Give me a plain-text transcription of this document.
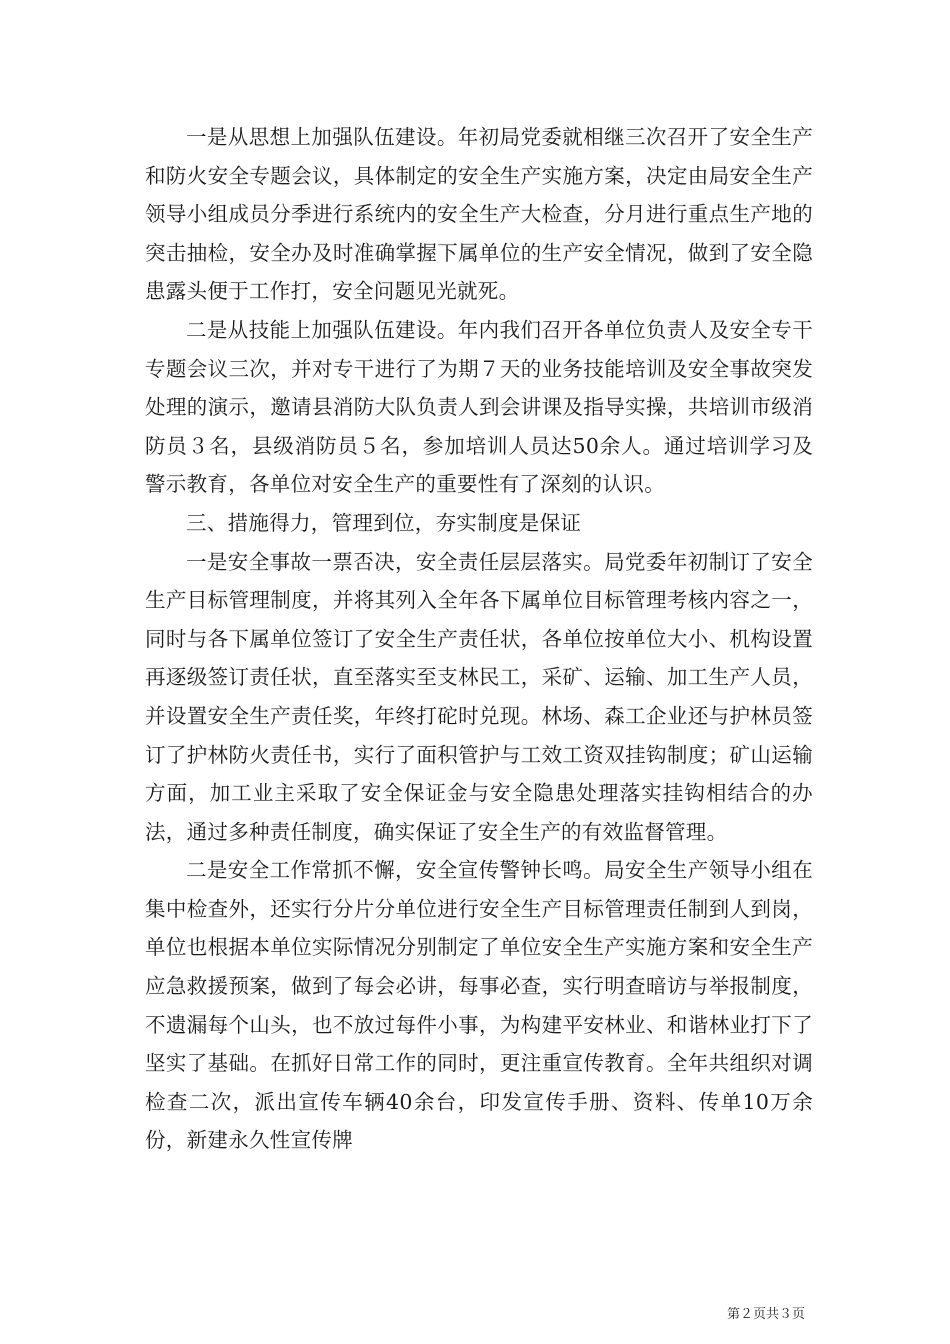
一是从思想上加强队伍建设。年初局党委就相继三次召开了安全生产和防火安全专题会议，具体制定的安全生产实施方案，决定由局安全生产领导小组成员分季进行系统内的安全生产大检查，分月进行重点生产地的突击抽检，安全办及时准确掌握下属单位的生产安全情况，做到了安全隐患露头便于工作打，安全问题见光就死。

二是从技能上加强队伍建设。年内我们召开各单位负责人及安全专干专题会议三次，并对专干进行了为期７天的业务技能培训及安全事故突发处理的演示，邀请县消防大队负责人到会讲课及指导实操，共培训市级消防员３名，县级消防员５名，参加培训人员达50余人。通过培训学习及警示教育，各单位对安全生产的重要性有了深刻的认识。

三、措施得力，管理到位，夯实制度是保证

一是安全事故一票否决，安全责任层层落实。局党委年初制订了安全生产目标管理制度，并将其列入全年各下属单位目标管理考核内容之一，同时与各下属单位签订了安全生产责任状，各单位按单位大小、机构设置再逐级签订责任状，直至落实至支林民工，采矿、运输、加工生产人员，并设置安全生产责任奖，年终打砣时兑现。林场、森工企业还与护林员签订了护林防火责任书，实行了面积管护与工效工资双挂钩制度；矿山运输方面，加工业主采取了安全保证金与安全隐患处理落实挂钩相结合的办法，通过多种责任制度，确实保证了安全生产的有效监督管理。

二是安全工作常抓不懈，安全宣传警钟长鸣。局安全生产领导小组在集中检查外，还实行分片分单位进行安全生产目标管理责任制到人到岗，单位也根据本单位实际情况分别制定了单位安全生产实施方案和安全生产应急救援预案，做到了每会必讲，每事必查，实行明查暗访与举报制度，不遗漏每个山头，也不放过每件小事，为构建平安林业、和谐林业打下了坚实了基础。在抓好日常工作的同时，更注重宣传教育。全年共组织对调检查二次，派出宣传车辆40余台，印发宣传手册、资料、传单10万余份，新建永久性宣传牌

第２页共３页
